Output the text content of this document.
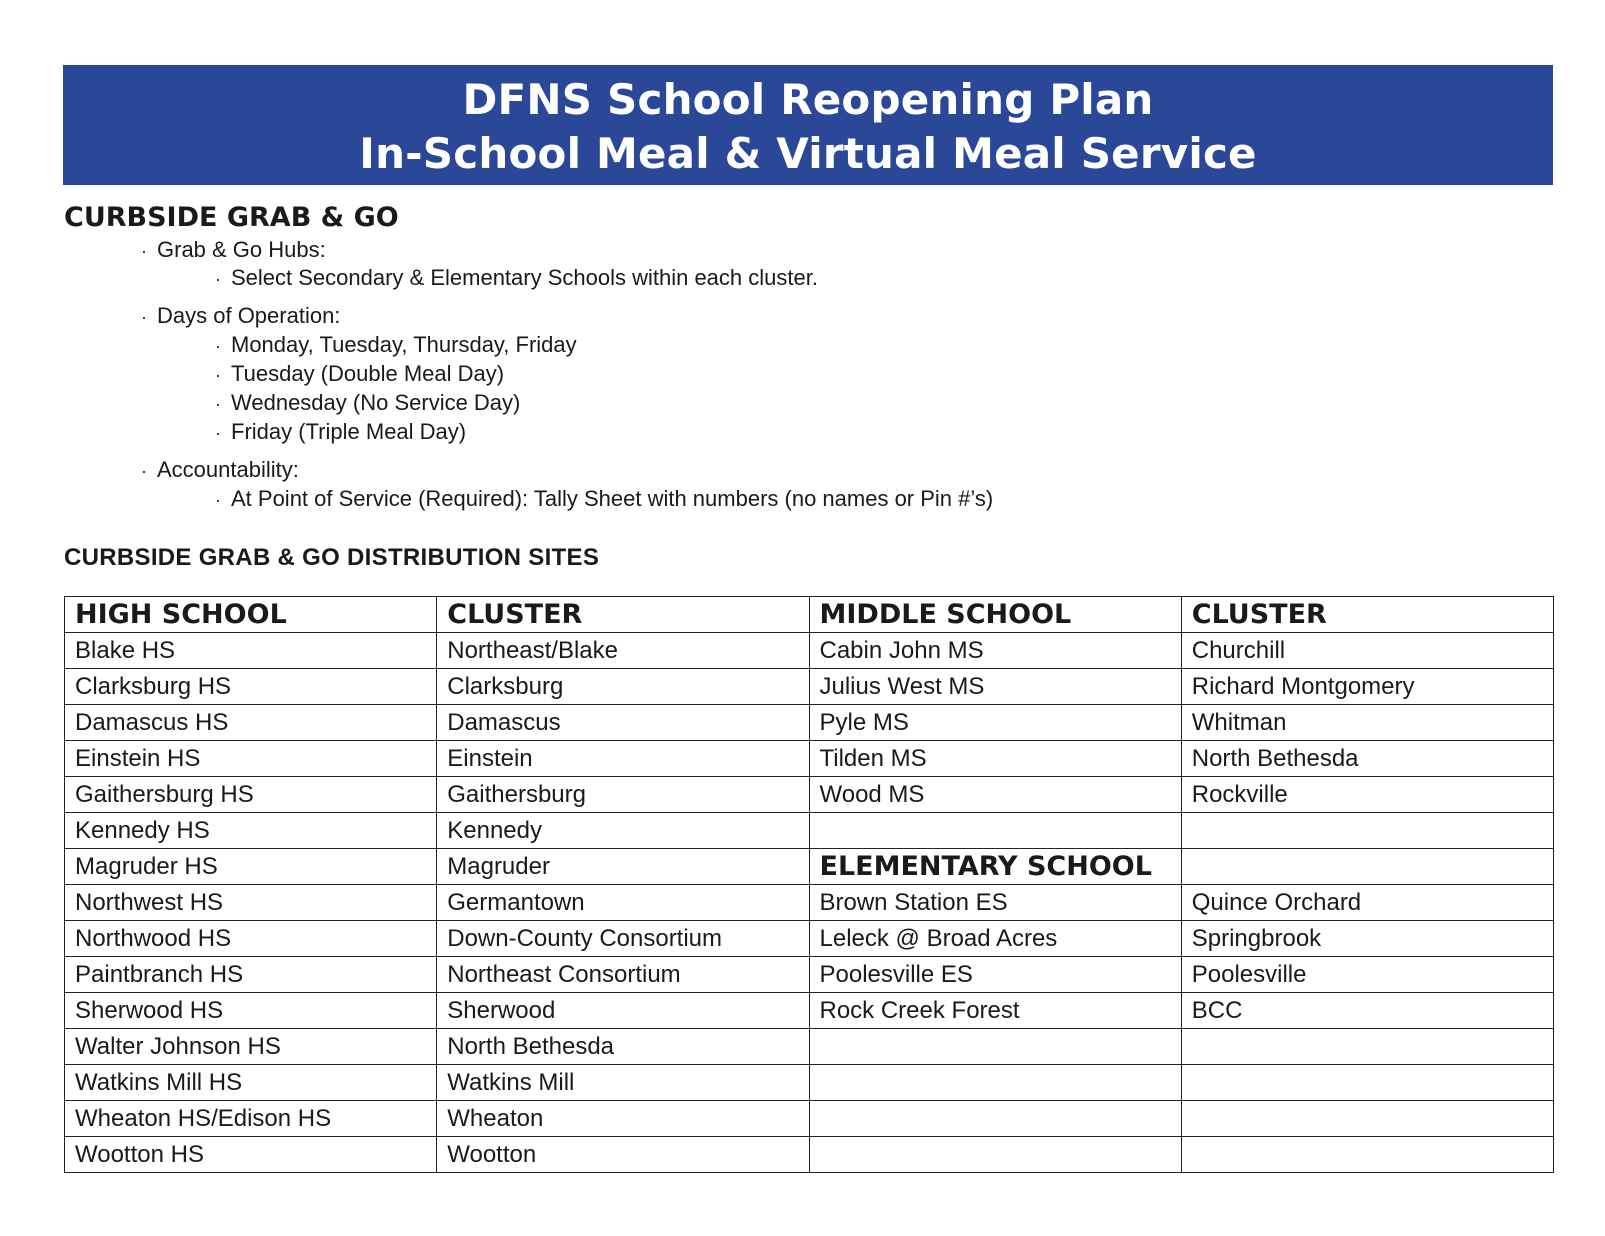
DFNS School Reopening Plan
In-School Meal & Virtual Meal Service
CURBSIDE GRAB & GO
· Grab & Go Hubs:
· Select Secondary & Elementary Schools within each cluster.
· Days of Operation:
· Monday, Tuesday, Thursday, Friday
· Tuesday (Double Meal Day)
· Wednesday (No Service Day)
· Friday (Triple Meal Day)
· Accountability:
· At Point of Service (Required): Tally Sheet with numbers (no names or Pin #’s)
CURBSIDE GRAB & GO DISTRIBUTION SITES
HIGH SCHOOL	CLUSTER	MIDDLE SCHOOL	CLUSTER
Blake HS	Northeast/Blake	Cabin John MS	Churchill
Clarksburg HS	Clarksburg	Julius West MS	Richard Montgomery
Damascus HS	Damascus	Pyle MS	Whitman
Einstein HS	Einstein	Tilden MS	North Bethesda
Gaithersburg HS	Gaithersburg	Wood MS	Rockville
Kennedy HS	Kennedy		
Magruder HS	Magruder	ELEMENTARY SCHOOL	
Northwest HS	Germantown	Brown Station ES	Quince Orchard
Northwood HS	Down-County Consortium	Leleck @ Broad Acres	Springbrook
Paintbranch HS	Northeast Consortium	Poolesville ES	Poolesville
Sherwood HS	Sherwood	Rock Creek Forest	BCC
Walter Johnson HS	North Bethesda		
Watkins Mill HS	Watkins Mill		
Wheaton HS/Edison HS	Wheaton		
Wootton HS	Wootton		
